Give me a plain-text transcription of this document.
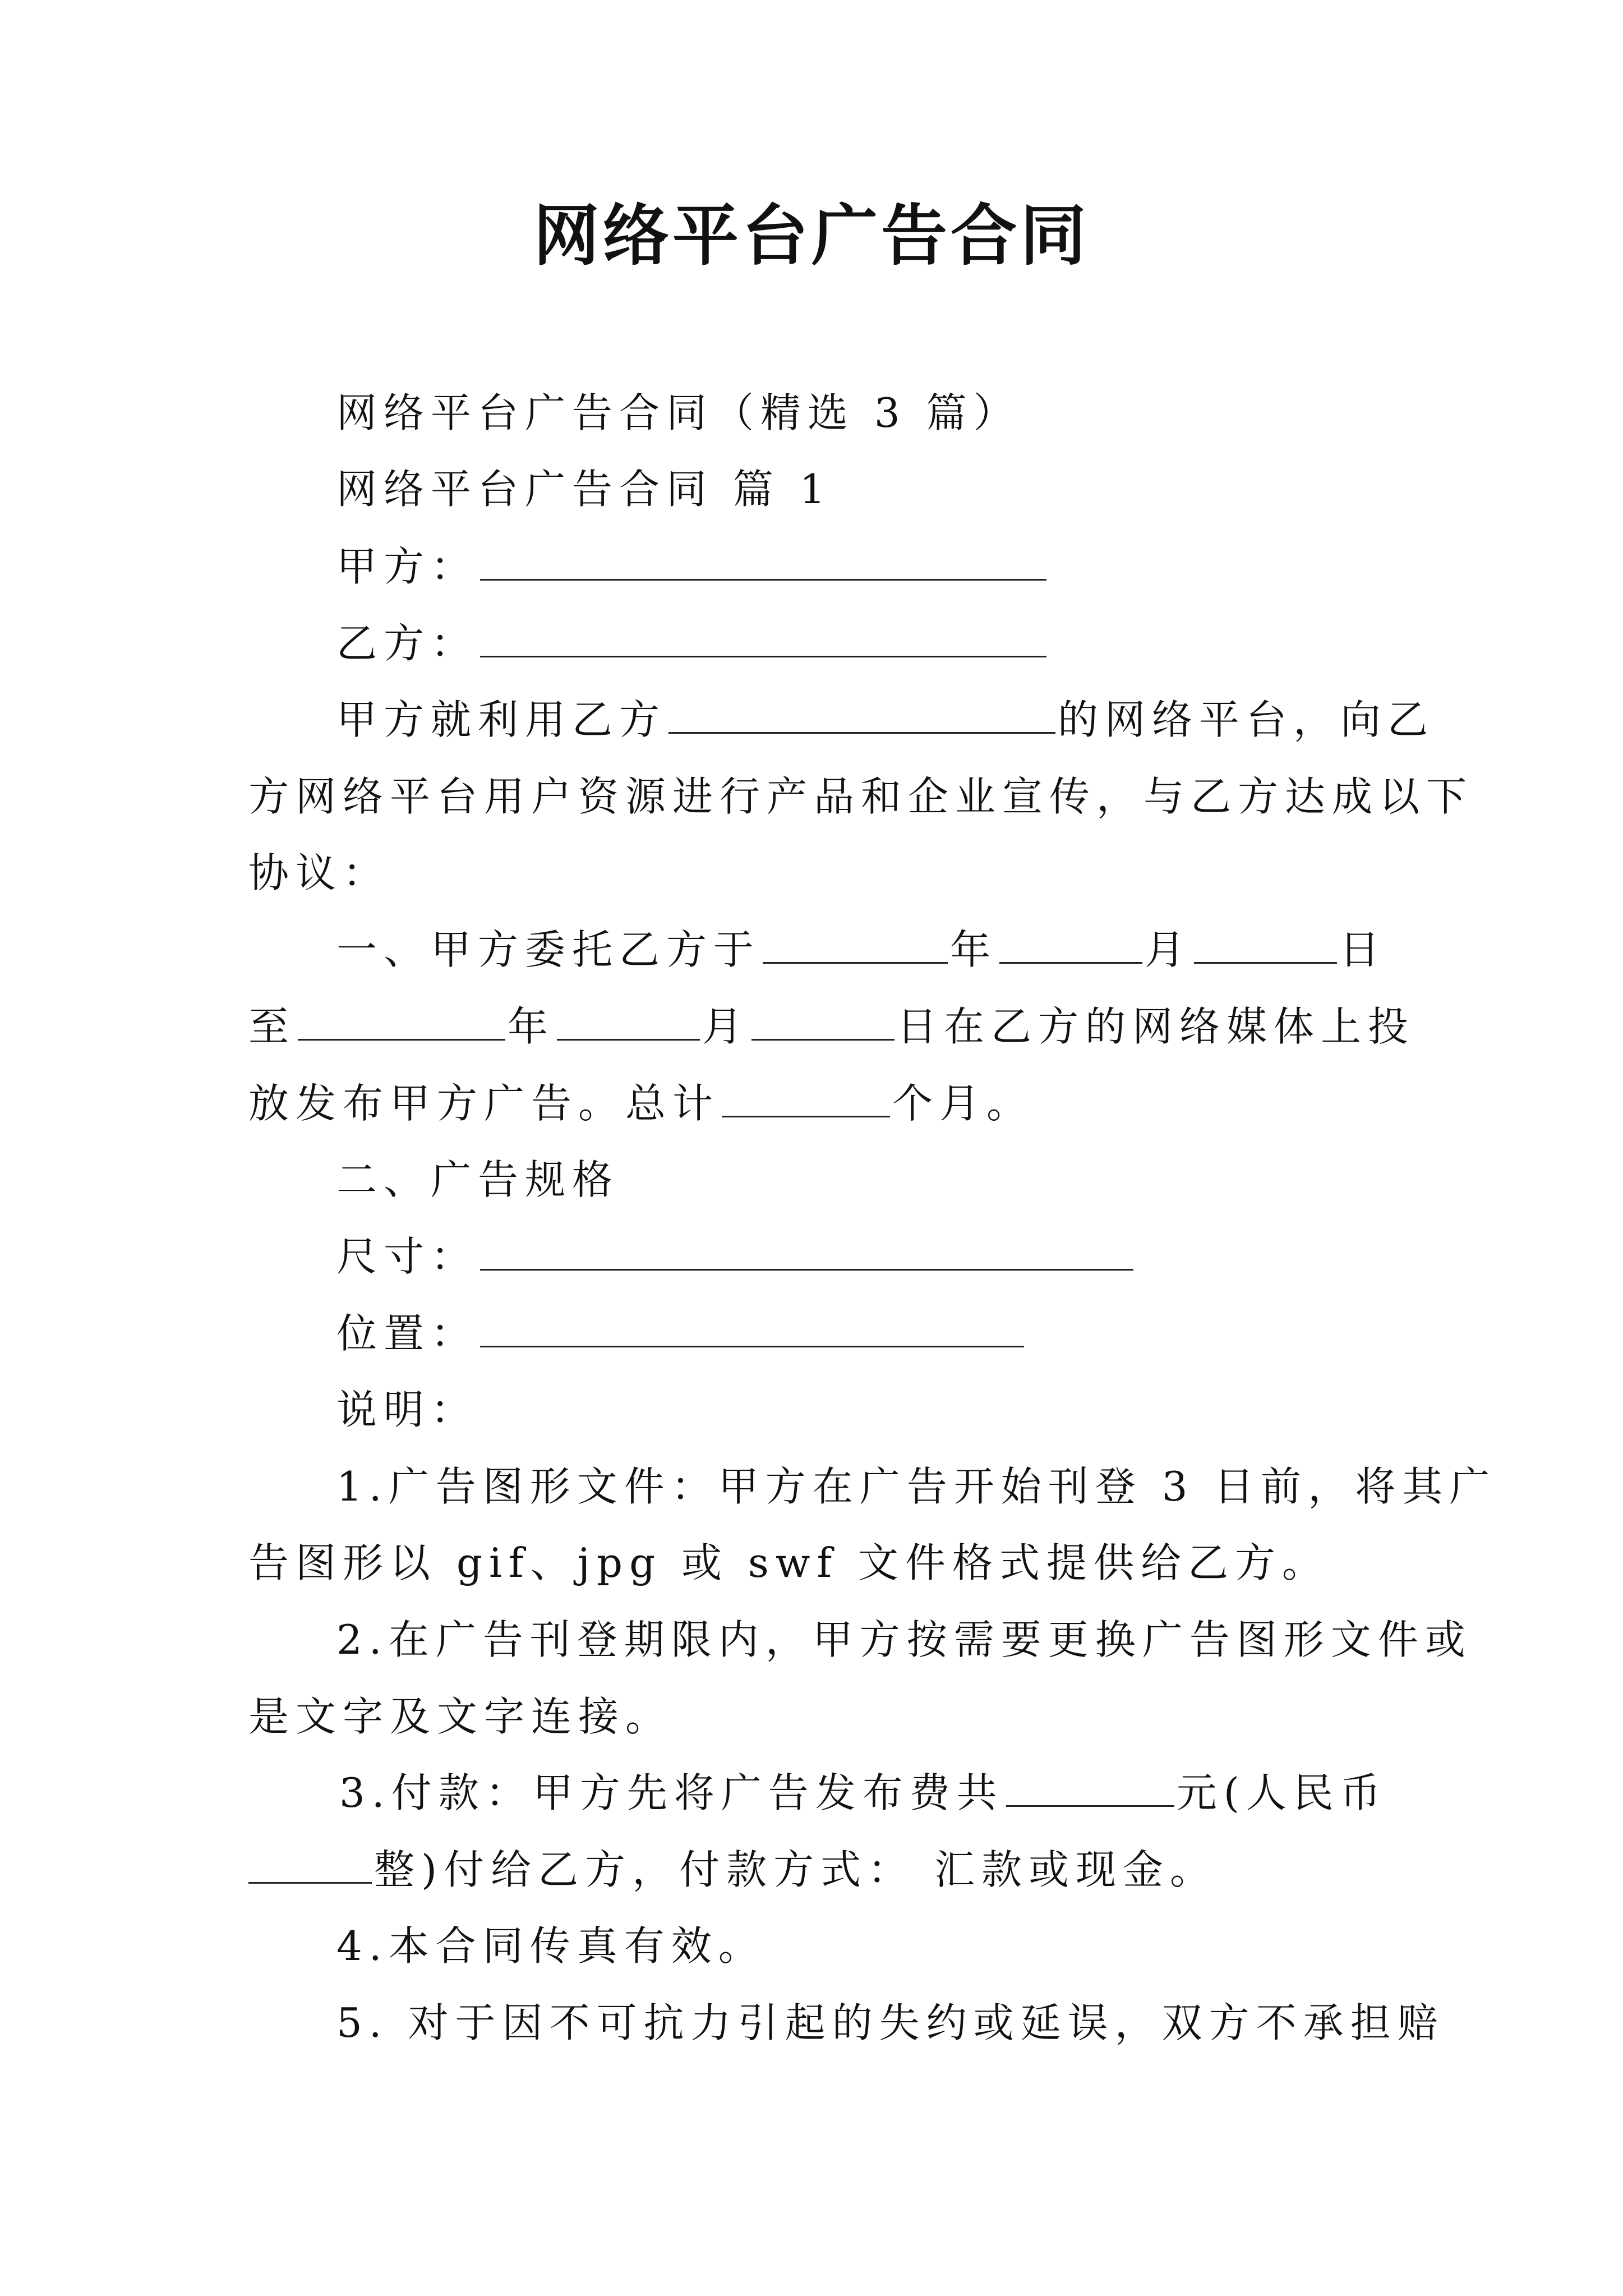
网络平台广告合同
网络平台广告合同（精选 3 篇）
网络平台广告合同 篇 1
甲方：
乙方：
甲方就利用乙方	的网络平台，向乙
方网络平台用户资源进行产品和企业宣传，与乙方达成以下
协议：
一、甲方委托乙方于	年	月	日
至	年	月	日在乙方的网络媒体上投
放发布甲方广告。总计	个月。
二、广告规格
尺寸：
位置：
说明：
1.广告图形文件：甲方在广告开始刊登 3 日前，将其广
告图形以 gif、jpg 或 swf 文件格式提供给乙方。
2.在广告刊登期限内，甲方按需要更换广告图形文件或
是文字及文字连接。
3.付款：甲方先将广告发布费共	元(人民币
整)付给乙方，付款方式： 汇款或现金。
4.本合同传真有效。
5. 对于因不可抗力引起的失约或延误，双方不承担赔
